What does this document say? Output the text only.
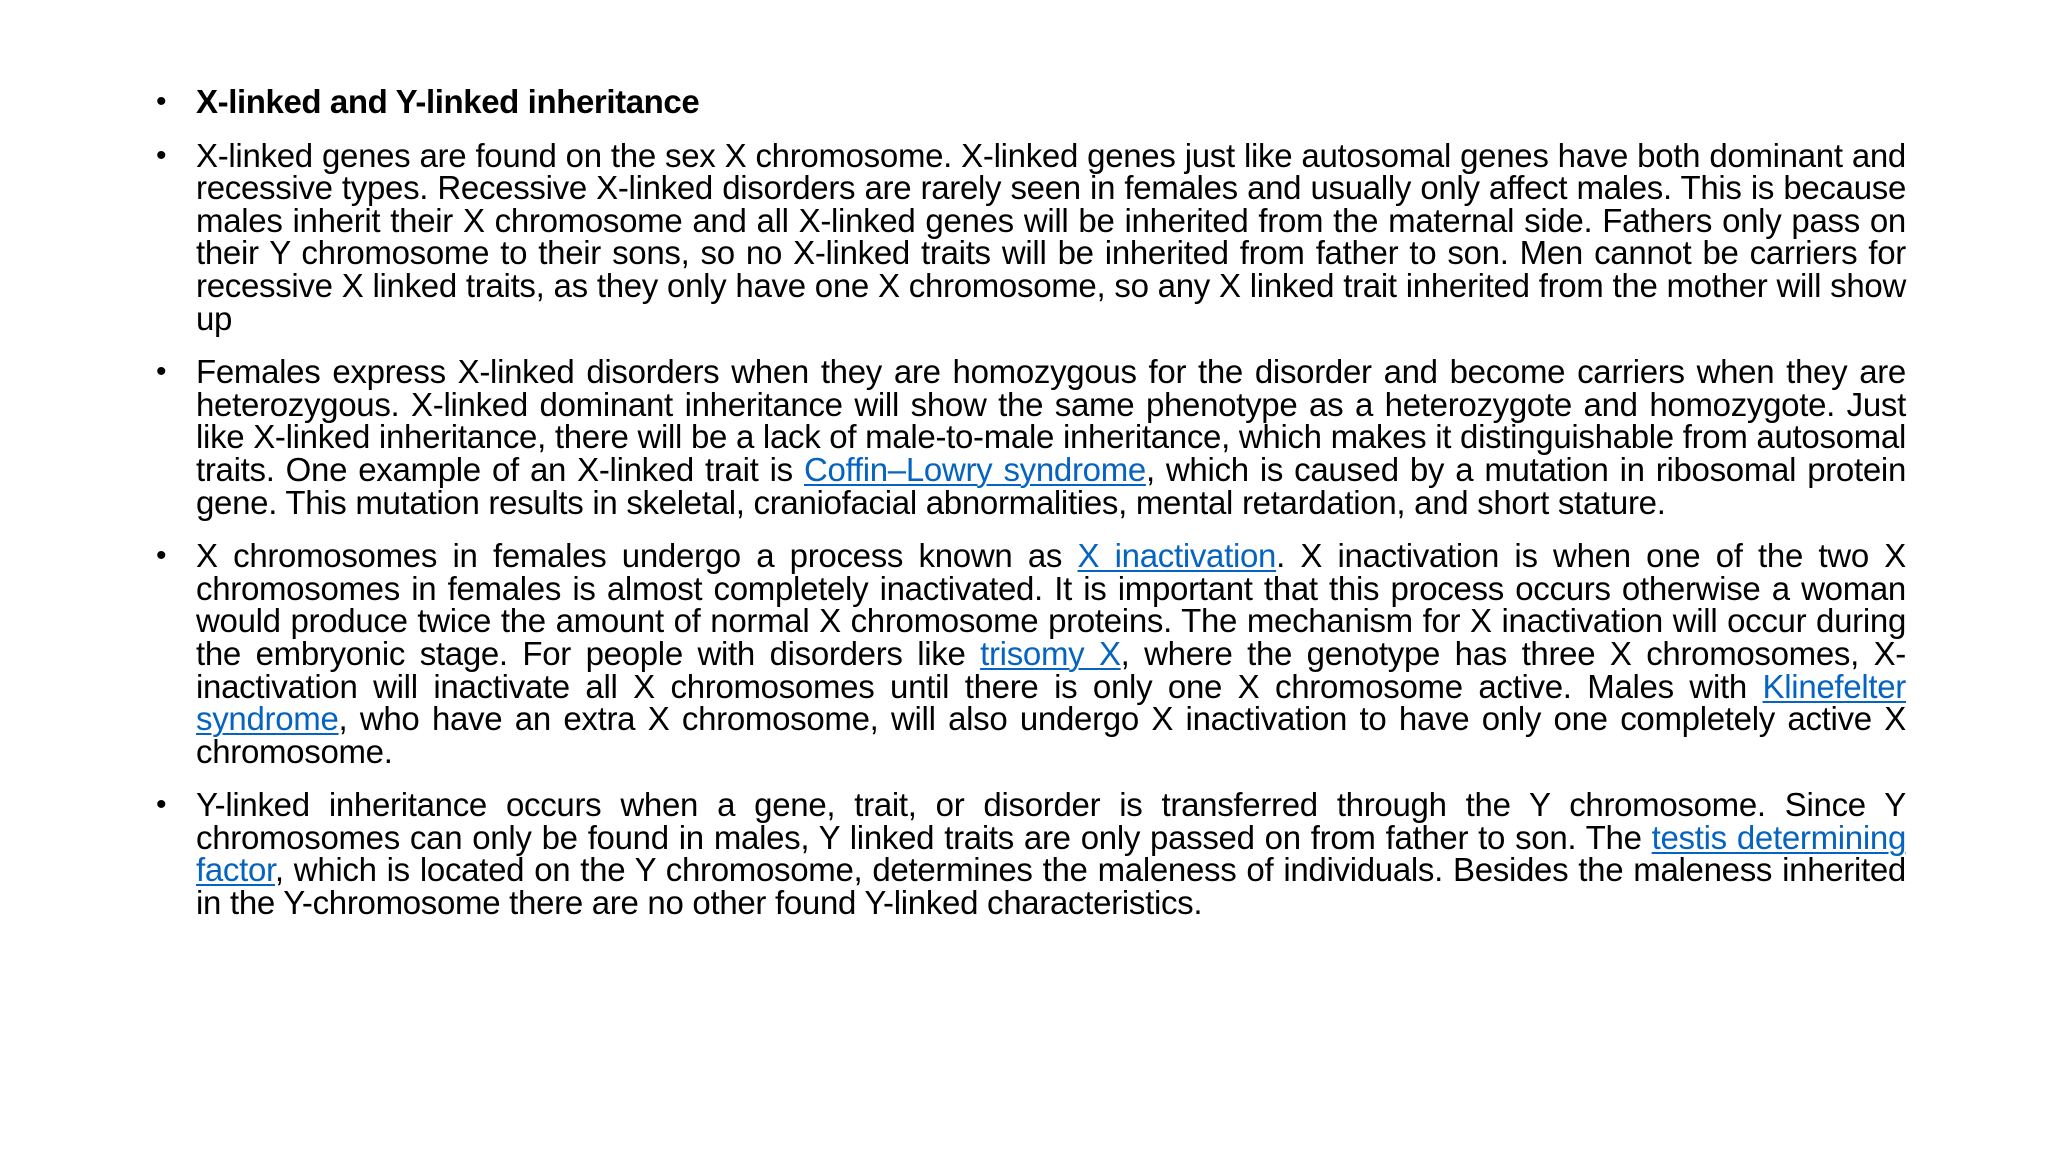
• X-linked and Y-linked inheritance
• X-linked genes are found on the sex X chromosome. X-linked genes just like autosomal genes have both dominant and recessive types. Recessive X-linked disorders are rarely seen in females and usually only affect males. This is because males inherit their X chromosome and all X-linked genes will be inherited from the maternal side. Fathers only pass on their Y chromosome to their sons, so no X-linked traits will be inherited from father to son. Men cannot be carriers for recessive X linked traits, as they only have one X chromosome, so any X linked trait inherited from the mother will show up
• Females express X-linked disorders when they are homozygous for the disorder and become carriers when they are heterozygous. X-linked dominant inheritance will show the same phenotype as a heterozygote and homozygote. Just like X-linked inheritance, there will be a lack of male-to-male inheritance, which makes it distinguishable from autosomal traits. One example of an X-linked trait is Coffin–Lowry syndrome, which is caused by a mutation in ribosomal protein gene. This mutation results in skeletal, craniofacial abnormalities, mental retardation, and short stature.
• X chromosomes in females undergo a process known as X inactivation. X inactivation is when one of the two X chromosomes in females is almost completely inactivated. It is important that this process occurs otherwise a woman would produce twice the amount of normal X chromosome proteins. The mechanism for X inactivation will occur during the embryonic stage. For people with disorders like trisomy X, where the genotype has three X chromosomes, X-inactivation will inactivate all X chromosomes until there is only one X chromosome active. Males with Klinefelter syndrome, who have an extra X chromosome, will also undergo X inactivation to have only one completely active X chromosome.
• Y-linked inheritance occurs when a gene, trait, or disorder is transferred through the Y chromosome. Since Y chromosomes can only be found in males, Y linked traits are only passed on from father to son. The testis determining factor, which is located on the Y chromosome, determines the maleness of individuals. Besides the maleness inherited in the Y-chromosome there are no other found Y-linked characteristics.
